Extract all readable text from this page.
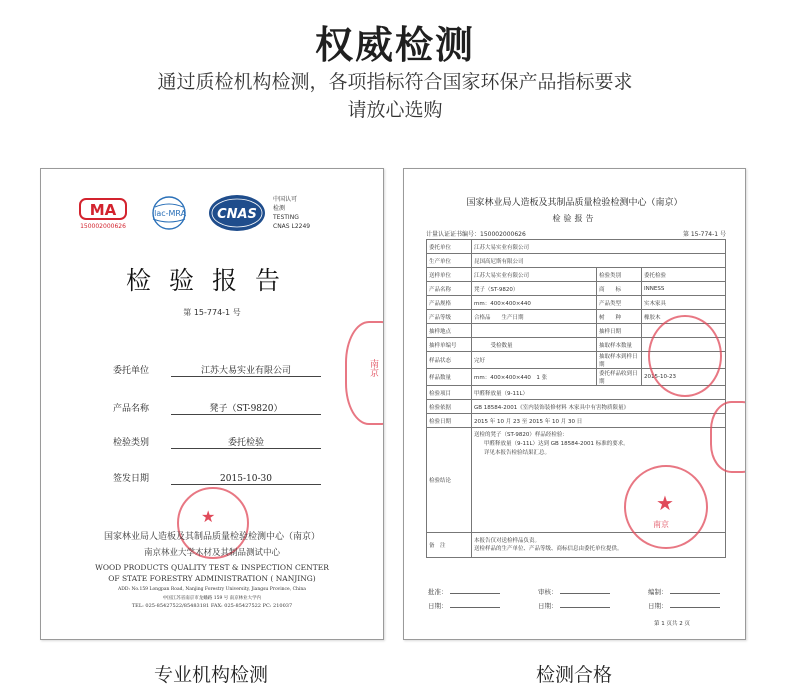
权威检测
通过质检机构检测，各项指标符合国家环保产品指标要求
请放心选购
MA
150002000626
ilac-MRA CNAS
中国认可
检测
TESTING
CNAS L2249
检验报告
第 15-774-1 号
委托单位	江苏大易实业有限公司
产品名称	凳子（ST-9820）
检验类别	委托检验
签发日期	2015-10-30
★
南京
国家林业局人造板及其制品质量检验检测中心（南京）
南京林业大学木材及其制品测试中心
WOOD PRODUCTS QUALITY TEST & INSPECTION CENTER
OF STATE FORESTRY ADMINISTRATION ( NANJING)
ADD: No.159 Longpan Road, Nanjing Forestry University, Jiangsu Province, China
中国江苏省南京市龙蟠路 159 号 南京林业大学内
TEL: 025-85427522/85483181 FAX: 025-85427522 PC: 210037
专业机构检测
国家林业局人造板及其制品质量检验检测中心（南京）
检验报告
计量认证证书编号：150002000626	第 15-774-1 号
委托单位	江苏大易实业有限公司		
生产单位	昆国高尼斯有限公司		
送样单位	江苏大易实业有限公司	检验类别	委托检验
产品名称	凳子（ST-9820）	商　　标	INNESS
产品规格	mm：400×400×440	产品类型	实木家具
产品等级	合格品　　生产日期	树　　种	橡胶木
抽样地点		抽样日期	
抽样单编号	　　　受检数量	抽取样本数量	
样品状态	完好	抽取样本到样日期	
样品数量	mm：400×400×440　1 张	委托样品收到日期	2015-10-23
检验项目	甲醛释放量（9-11L）		
检验依据	GB 18584-2001《室内装饰装修材料 木家具中有害物质限量》		
检验日期	2015 年 10 月 23 至 2015 年 10 月 30 日		
检验结论	送检的凳子（ST-9820）样品经检验：
甲醛释放量（9-11L）达到 GB 18584-2001 标准的要求。
详见本报告检验结果汇总。		

备　注	本报告仅对送检样品负责。
送检样品的生产单位、产品等级、商标信息由委托单位提供。		
★
南京
批准：
日期：
审核：
日期：
编制：
日期：
第 1 页共 2 页
检测合格
